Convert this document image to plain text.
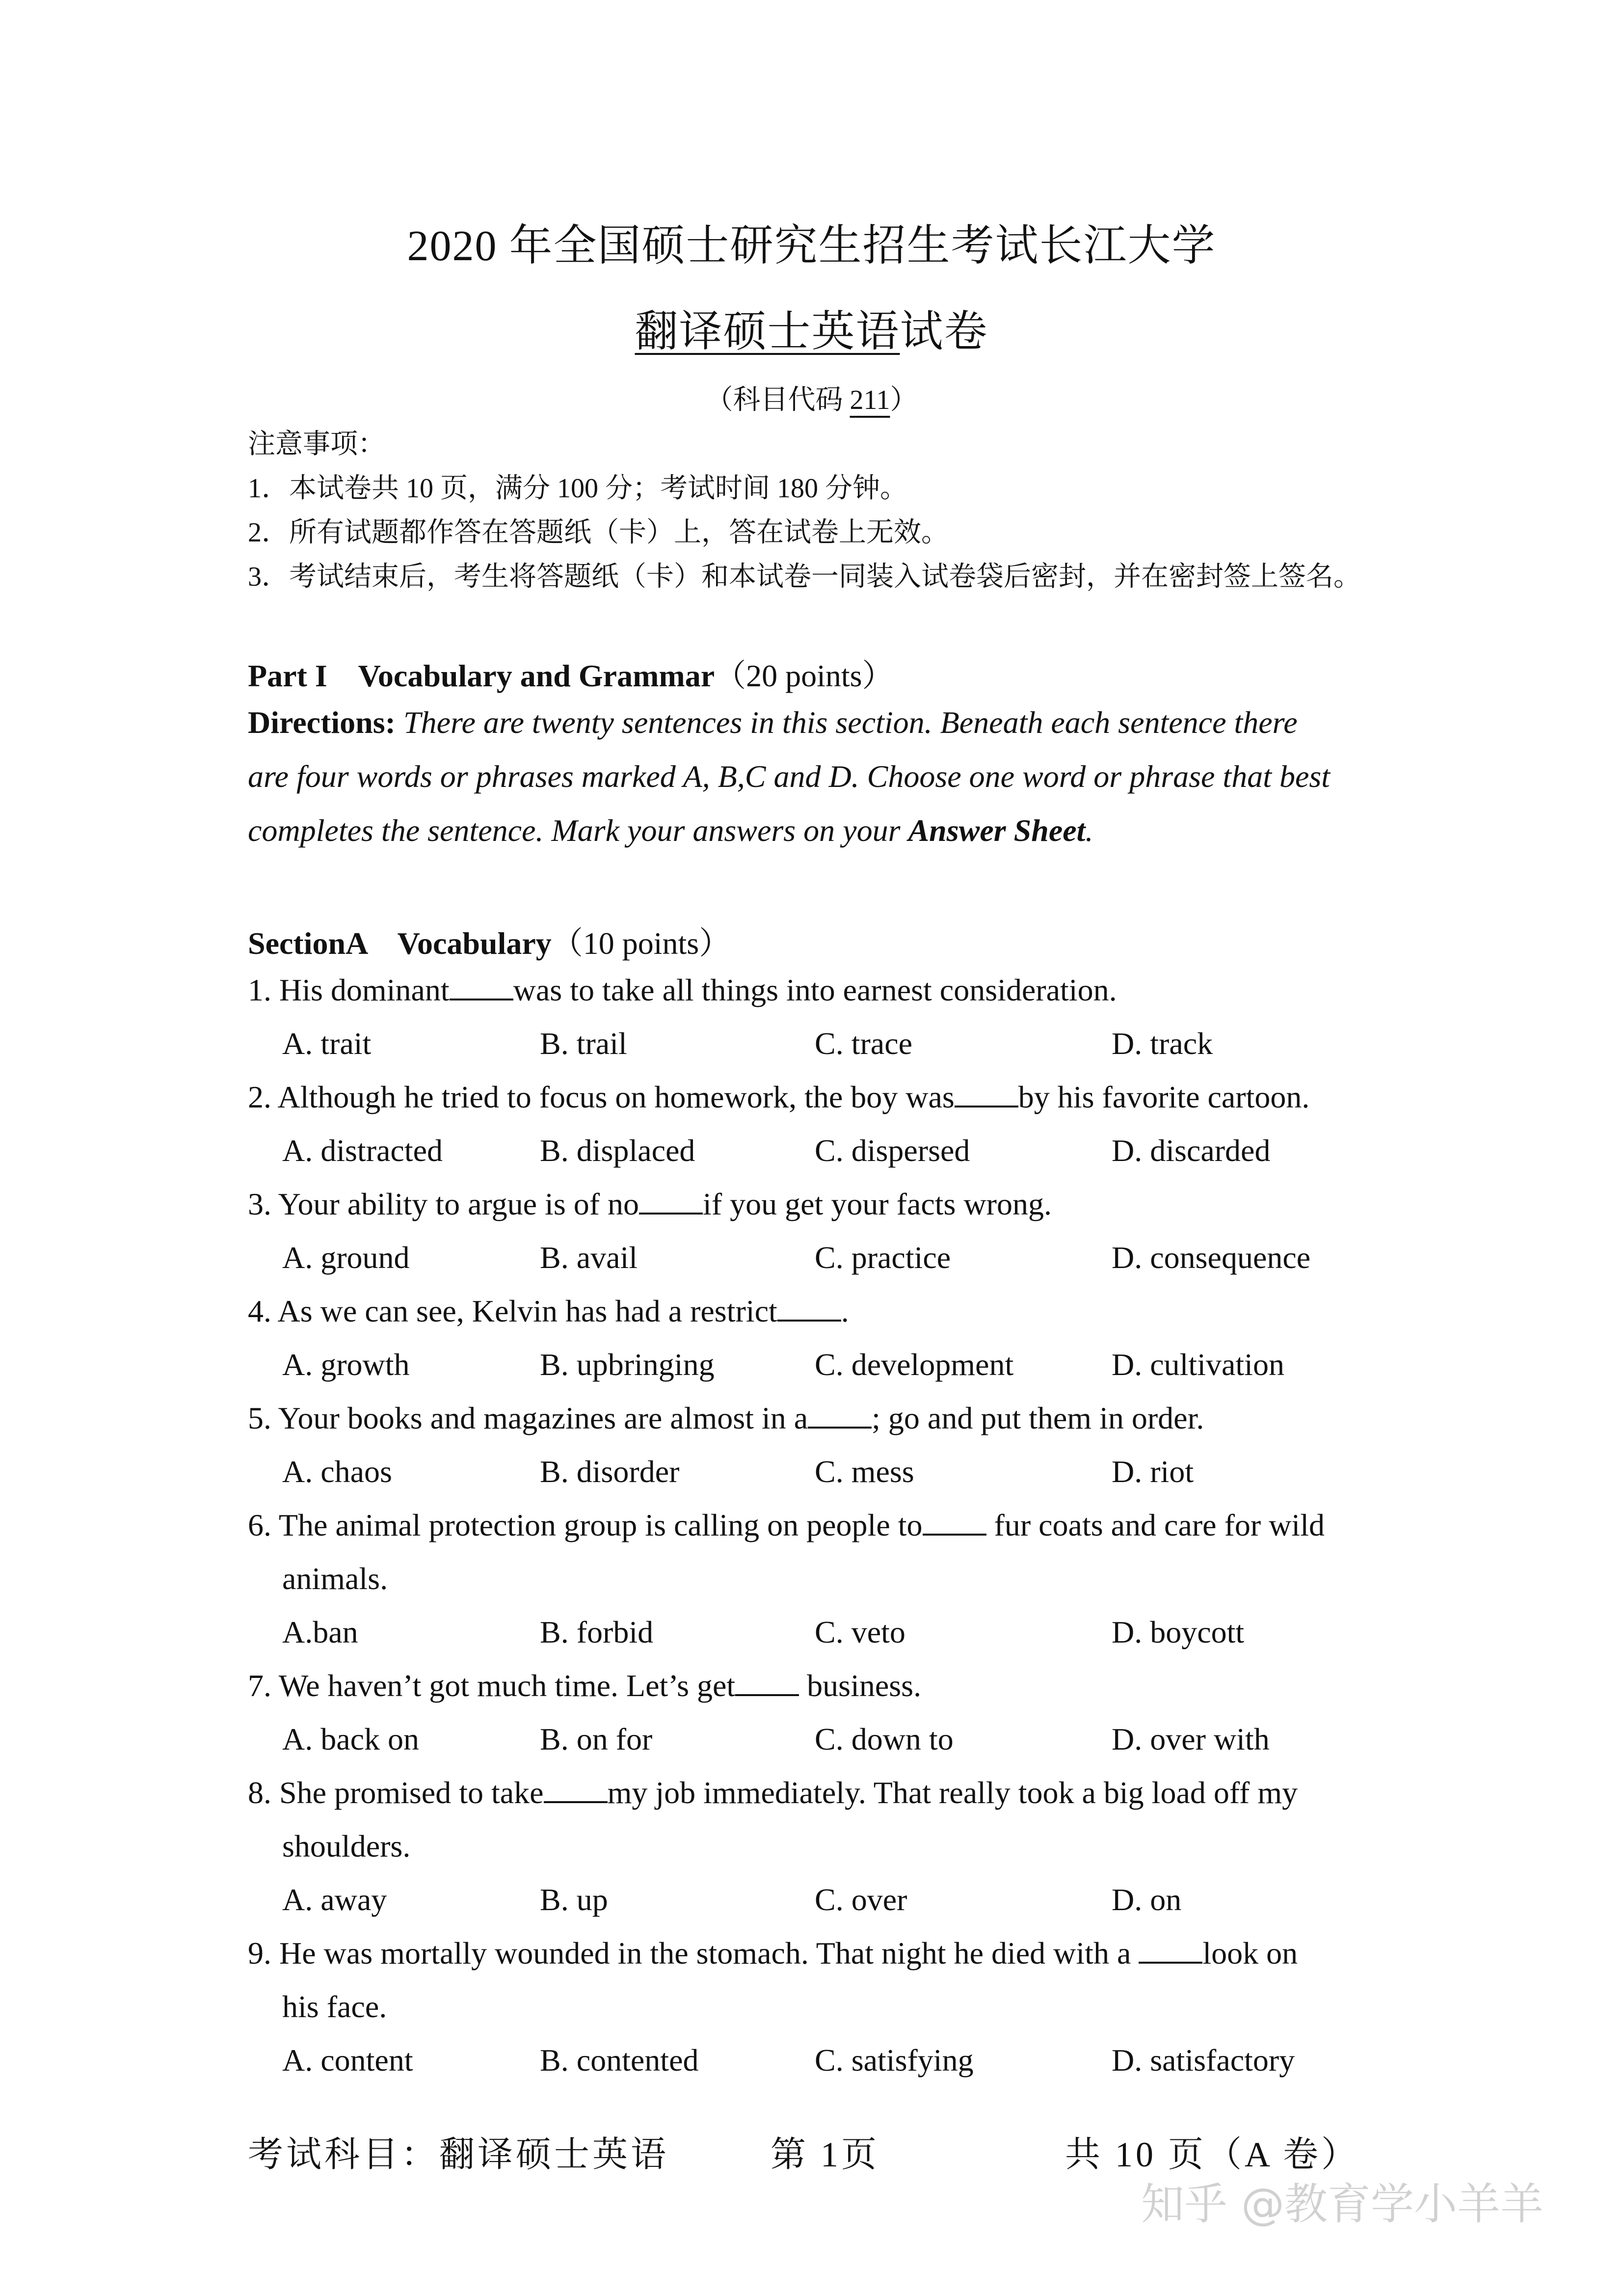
2020 年全国硕士研究生招生考试长江大学
翻译硕士英语试卷
（科目代码 211）
注意事项：
1．本试卷共 10 页，满分 100 分；考试时间 180 分钟。
2．所有试题都作答在答题纸（卡）上，答在试卷上无效。
3．考试结束后，考生将答题纸（卡）和本试卷一同装入试卷袋后密封，并在密封签上签名。
Part I    Vocabulary and Grammar（20 points）
Directions: There are twenty sentences in this section. Beneath each sentence there
are four words or phrases marked A, B,C and D. Choose one word or phrase that best
completes the sentence. Mark your answers on your Answer Sheet.
SectionA    Vocabulary（10 points）
1. His dominant was to take all things into earnest consideration.
A. trait	B. trail	C. trace	D. track
2. Although he tried to focus on homework, the boy was by his favorite cartoon.
A. distracted	B. displaced	C. dispersed	D. discarded
3. Your ability to argue is of no if you get your facts wrong.
A. ground	B. avail	C. practice	D. consequence
4. As we can see, Kelvin has had a restrict .
A. growth	B. upbringing	C. development	D. cultivation
5. Your books and magazines are almost in a ; go and put them in order.
A. chaos	B. disorder	C. mess	D. riot
6. The animal protection group is calling on people to fur coats and care for wild
animals.
A.ban	B. forbid	C. veto	D. boycott
7. We haven’t got much time. Let’s get business.
A. back on	B. on for	C. down to	D. over with
8. She promised to take my job immediately. That really took a big load off my
shoulders.
A. away	B. up	C. over	D. on
9. He was mortally wounded in the stomach. That night he died with a look on
his face.
A. content	B. contented	C. satisfying	D. satisfactory
考试科目：翻译硕士英语	第 1页	共 10 页（A 卷）
知乎 @教育学小羊羊
